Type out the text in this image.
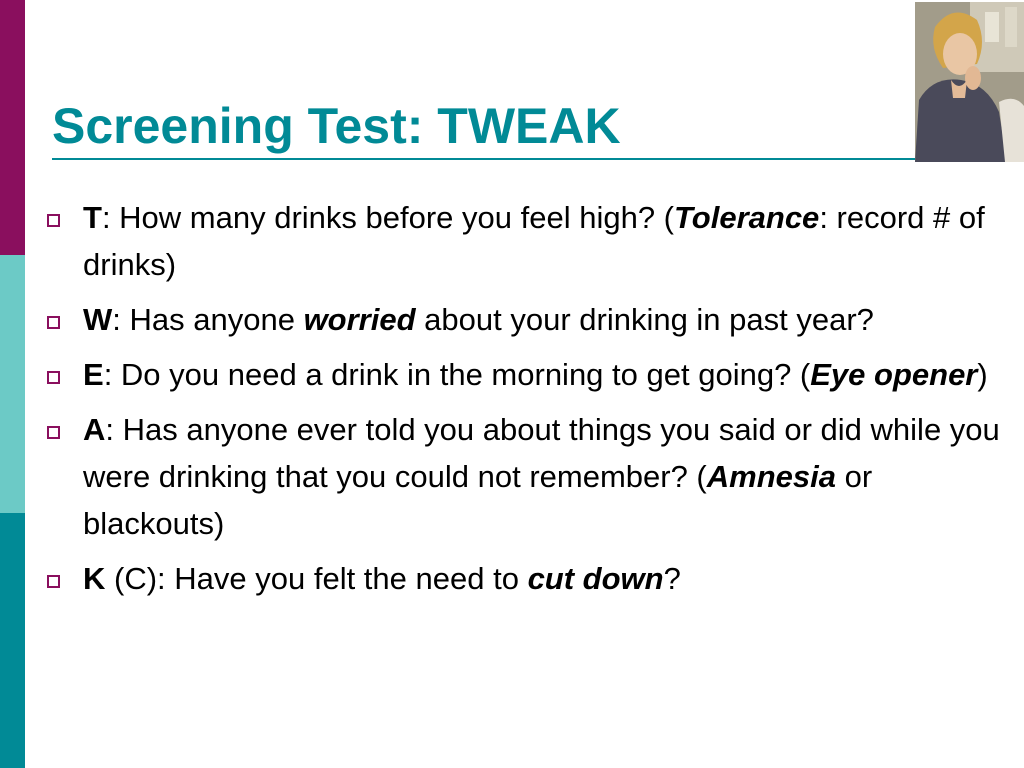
Screening Test: TWEAK
T: How many drinks before you feel high? (Tolerance: record # of drinks)
W: Has anyone worried about your drinking in past year?
E: Do you need a drink in the morning to get going? (Eye opener)
A: Has anyone ever told you about things you said or did while you were drinking that you could not remember? (Amnesia or blackouts)
K (C): Have you felt the need to cut down?
